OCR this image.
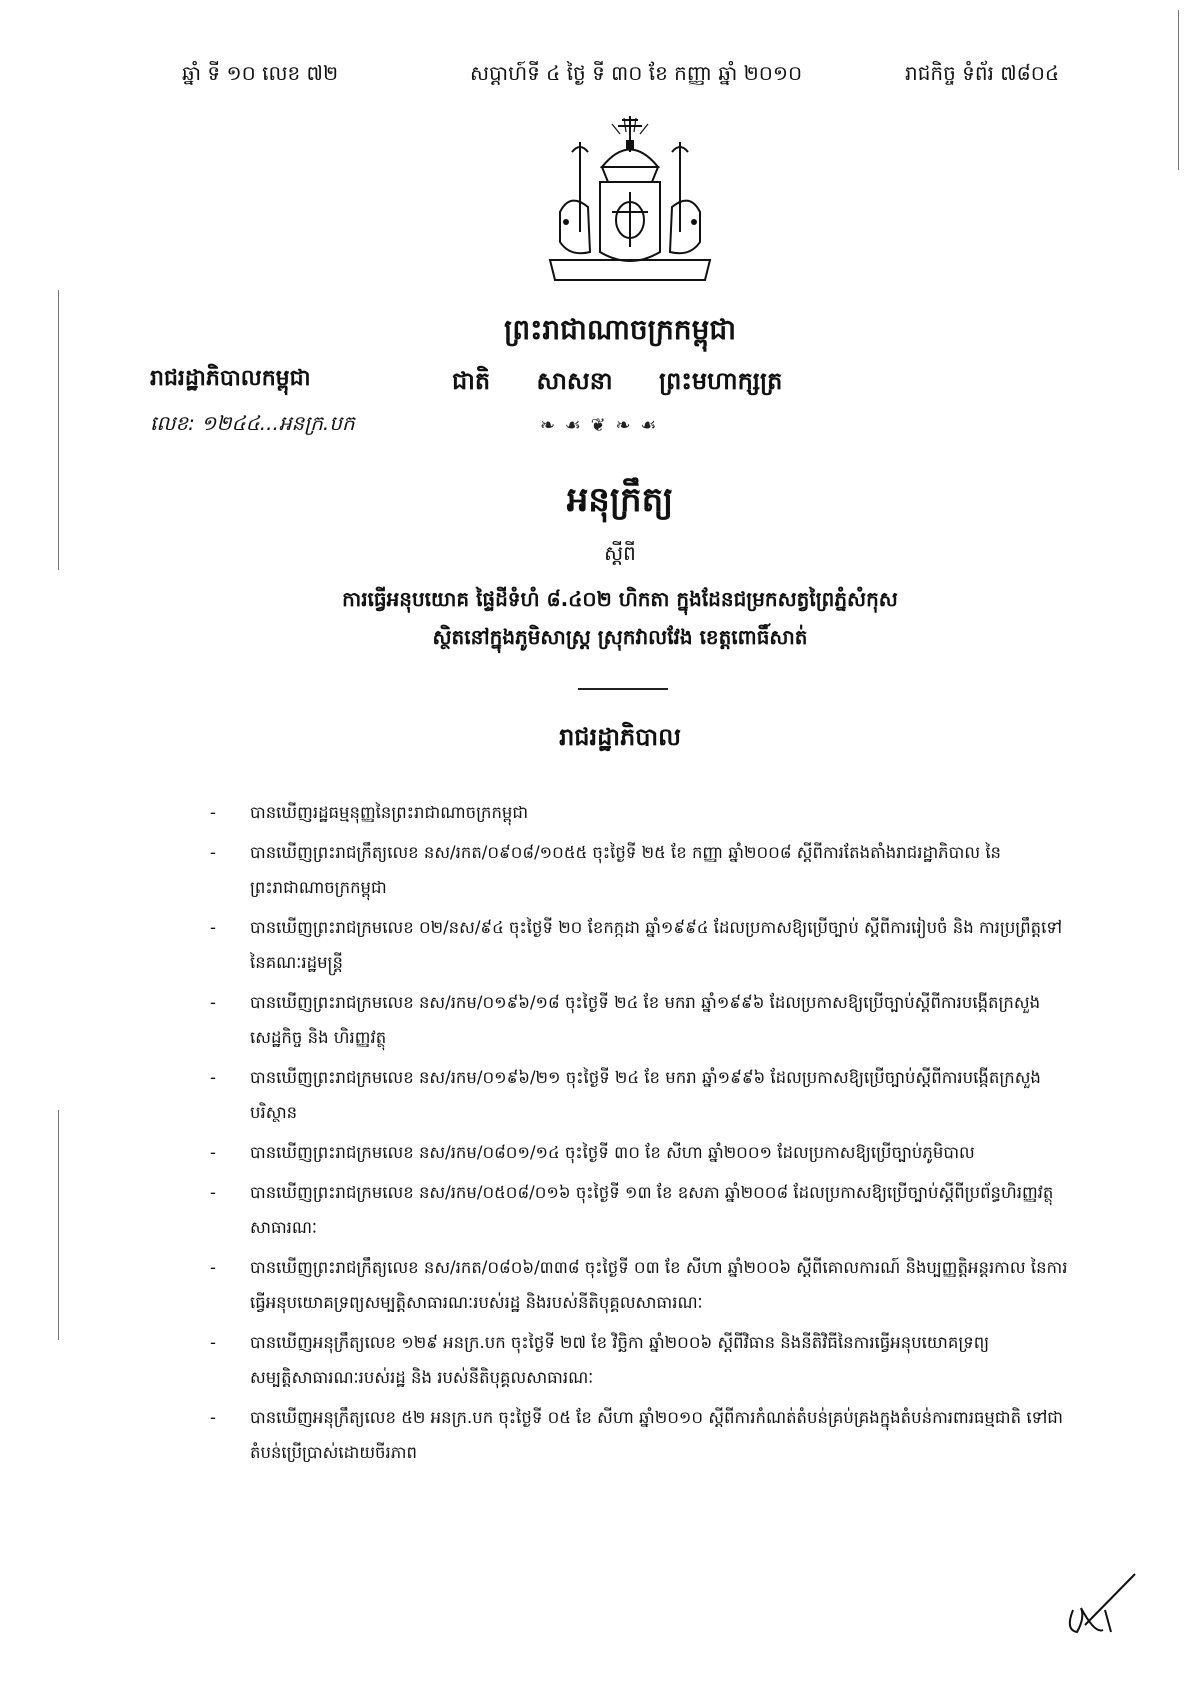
ឆ្នាំ ទី ១០ លេខ ៧២	សប្តាហ៍ទី ៤ ថ្ងៃ ទី ៣០ ខែ កញ្ញា ឆ្នាំ ២០១០	រាជកិច្ច ទំព័រ ៧៨០៤
ព្រះរាជាណាចក្រកម្ពុជា
ជាតិ សាសនា ព្រះមហាក្សត្រ
❧ ☙ ❦ ❧ ☙
រាជរដ្ឋាភិបាលកម្ពុជា
លេខ: ១២៤៤...អនក្រ.បក
អនុក្រឹត្យ
ស្តីពី
ការធ្វើអនុបយោគ ផ្ទៃដីទំហំ ៨.៤០២ ហិកតា ក្នុងដែនជម្រកសត្វព្រៃភ្នំសំកុស
ស្ថិតនៅក្នុងភូមិសាស្ត្រ ស្រុកវាលវែង ខេត្តពោធិ៍សាត់
រាជរដ្ឋាភិបាល
- បានឃើញរដ្ឋធម្មនុញ្ញនៃព្រះរាជាណាចក្រកម្ពុជា
- បានឃើញព្រះរាជក្រឹត្យលេខ នស/រកត/០៩០៨/១០៥៥ ចុះថ្ងៃទី ២៥ ខែ កញ្ញា ឆ្នាំ២០០៨ ស្តីពីការតែងតាំងរាជរដ្ឋាភិបាល នៃព្រះរាជាណាចក្រកម្ពុជា
- បានឃើញព្រះរាជក្រមលេខ ០២/នស/៩៤ ចុះថ្ងៃទី ២០ ខែកក្កដា ឆ្នាំ១៩៩៤ ដែលប្រកាសឱ្យប្រើច្បាប់ ស្តីពីការរៀបចំ និង ការប្រព្រឹត្តទៅនៃគណៈរដ្ឋមន្ត្រី
- បានឃើញព្រះរាជក្រមលេខ នស/រកម/០១៩៦/១៨ ចុះថ្ងៃទី ២៤ ខែ មករា ឆ្នាំ១៩៩៦ ដែលប្រកាសឱ្យប្រើច្បាប់ស្តីពីការបង្កើតក្រសួងសេដ្ឋកិច្ច និង ហិរញ្ញវត្ថុ
- បានឃើញព្រះរាជក្រមលេខ នស/រកម/០១៩៦/២១ ចុះថ្ងៃទី ២៤ ខែ មករា ឆ្នាំ១៩៩៦ ដែលប្រកាសឱ្យប្រើច្បាប់ស្តីពីការបង្កើតក្រសួងបរិស្ថាន
- បានឃើញព្រះរាជក្រមលេខ នស/រកម/០៨០១/១៤ ចុះថ្ងៃទី ៣០ ខែ សីហា ឆ្នាំ២០០១ ដែលប្រកាសឱ្យប្រើច្បាប់ភូមិបាល
- បានឃើញព្រះរាជក្រមលេខ នស/រកម/០៥០៨/០១៦ ចុះថ្ងៃទី ១៣ ខែ ឧសភា ឆ្នាំ២០០៨ ដែលប្រកាសឱ្យប្រើច្បាប់ស្តីពីប្រព័ន្ធហិរញ្ញវត្ថុ សាធារណៈ
- បានឃើញព្រះរាជក្រឹត្យលេខ នស/រកត/០៨០៦/៣៣៨ ចុះថ្ងៃទី ០៣ ខែ សីហា ឆ្នាំ២០០៦ ស្តីពីគោលការណ៍ និងប្បញ្ញត្តិអន្តរកាល នៃការធ្វើអនុបយោគទ្រព្យសម្បត្តិសាធារណៈរបស់រដ្ឋ និងរបស់នីតិបុគ្គលសាធារណៈ
- បានឃើញអនុក្រឹត្យលេខ ១២៩ អនក្រ.បក ចុះថ្ងៃទី ២៧ ខែ វិច្ឆិកា ឆ្នាំ២០០៦ ស្តីពីវិធាន និងនីតិវិធីនៃការធ្វើអនុបយោគទ្រព្យសម្បត្តិសាធារណៈរបស់រដ្ឋ និង របស់នីតិបុគ្គលសាធារណៈ
- បានឃើញអនុក្រឹត្យលេខ ៥២ អនក្រ.បក ចុះថ្ងៃទី ០៥ ខែ សីហា ឆ្នាំ២០១០ ស្តីពីការកំណត់តំបន់គ្រប់គ្រងក្នុងតំបន់ការពារធម្មជាតិ ទៅជាតំបន់ប្រើប្រាស់ដោយចីរភាព
